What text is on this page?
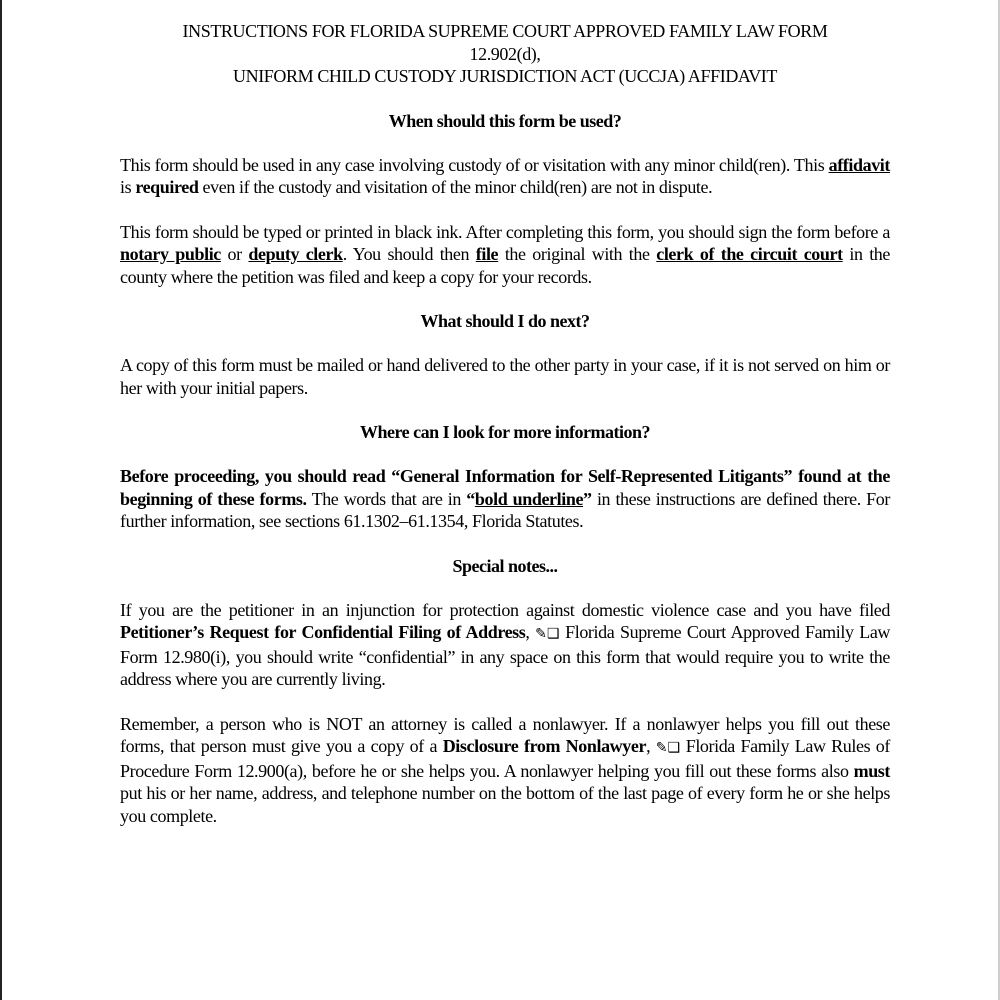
INSTRUCTIONS FOR FLORIDA SUPREME COURT APPROVED FAMILY LAW FORM
12.902(d),
UNIFORM CHILD CUSTODY JURISDICTION ACT (UCCJA) AFFIDAVIT
When should this form be used?

This form should be used in any case involving custody of or visitation with any minor child(ren). This affidavit is required even if the custody and visitation of the minor child(ren) are not in dispute.

This form should be typed or printed in black ink. After completing this form, you should sign the form before a notary public or deputy clerk. You should then file the original with the clerk of the circuit court in the county where the petition was filed and keep a copy for your records.

What should I do next?

A copy of this form must be mailed or hand delivered to the other party in your case, if it is not served on him or her with your initial papers.

Where can I look for more information?

Before proceeding, you should read “General Information for Self-Represented Litigants” found at the beginning of these forms. The words that are in “bold underline” in these instructions are defined there. For further information, see sections 61.1302–61.1354, Florida Statutes.

Special notes...

If you are the petitioner in an injunction for protection against domestic violence case and you have filed Petitioner’s Request for Confidential Filing of Address, ✎❑ Florida Supreme Court Approved Family Law Form 12.980(i), you should write “confidential” in any space on this form that would require you to write the address where you are currently living.

Remember, a person who is NOT an attorney is called a nonlawyer. If a nonlawyer helps you fill out these forms, that person must give you a copy of a Disclosure from Nonlawyer, ✎❑ Florida Family Law Rules of Procedure Form 12.900(a), before he or she helps you. A nonlawyer helping you fill out these forms also must put his or her name, address, and telephone number on the bottom of the last page of every form he or she helps you complete.
